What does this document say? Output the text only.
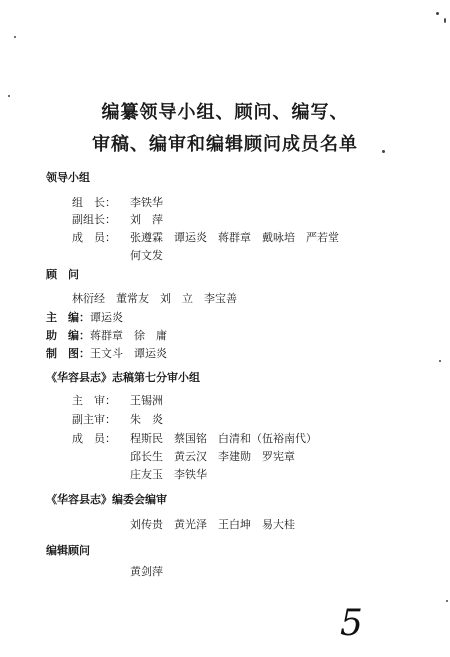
编纂领导小组、顾问、编写、
审稿、编审和编辑顾问成员名单
领导小组
组　长： 李铁华
副组长： 刘　萍
成　员： 张遵霖　谭运炎　蒋群章　戴咏培　严若堂
何文发
顾　问
林衍经　董常友　刘　立　李宝善
主　编：谭运炎
助　编：蒋群章　徐　庸
制　图：王文斗　谭运炎
《华容县志》志稿第七分审小组
主　审： 王锡洲
副主审： 朱　炎
成　员： 程斯民　蔡国铭　白清和（伍裕南代）
邱长生　黄云汉　李建勋　罗宪章
庄友玉　李铁华
《华容县志》编委会编审
刘传贵　黄光泽　王白坤　易大桂
编辑顾问
黄剑萍
5
